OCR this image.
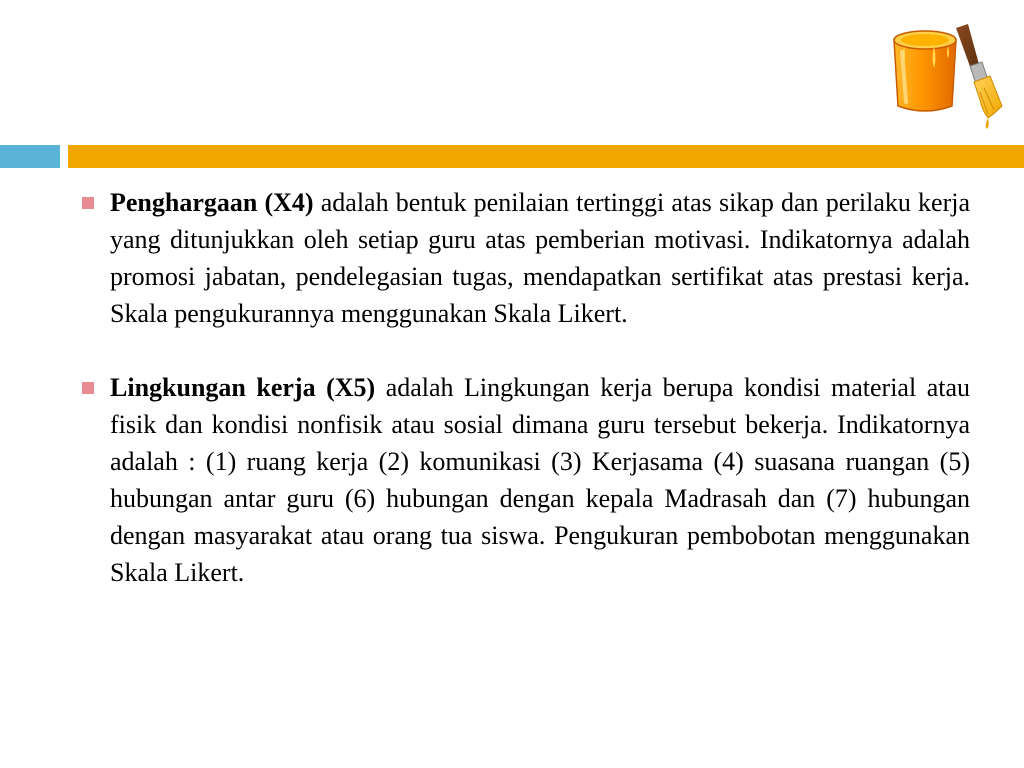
Penghargaan (X4) adalah bentuk penilaian tertinggi atas sikap dan perilaku kerja yang ditunjukkan oleh setiap guru atas pemberian motivasi. Indikatornya adalah promosi jabatan, pendelegasian tugas, mendapatkan sertifikat atas prestasi kerja. Skala pengukurannya menggunakan Skala Likert.
Lingkungan kerja (X5) adalah Lingkungan kerja berupa kondisi material atau fisik dan kondisi nonfisik atau sosial dimana guru tersebut bekerja. Indikatornya adalah : (1) ruang kerja (2) komunikasi (3) Kerjasama (4) suasana ruangan (5) hubungan antar guru (6) hubungan dengan kepala Madrasah dan (7) hubungan dengan masyarakat atau orang tua siswa. Pengukuran pembobotan menggunakan Skala Likert.
